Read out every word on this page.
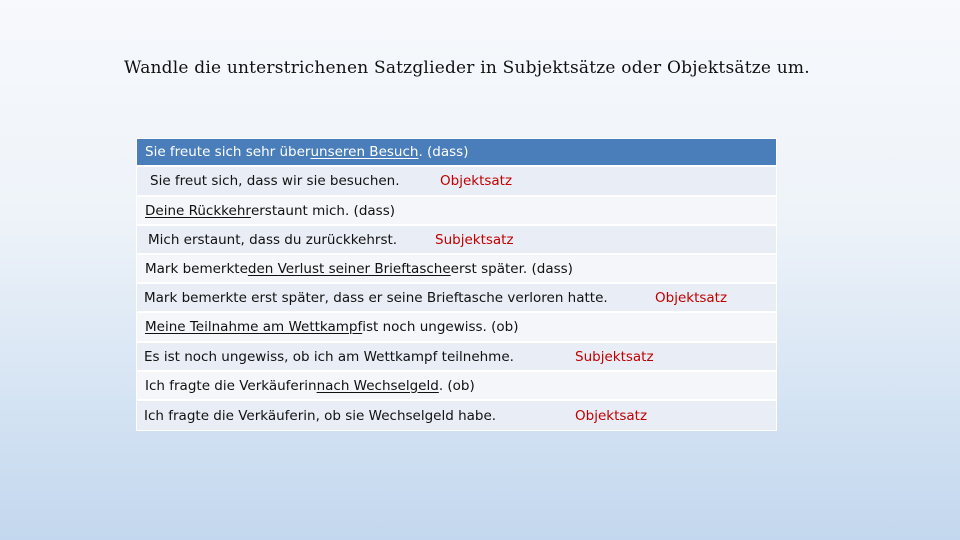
Wandle die unterstrichenen Satzglieder in Subjektsätze oder Objektsätze um.
Sie freute sich sehr über unseren Besuch . (dass)
Sie freut sich, dass wir sie besuchen.	Objektsatz
Deine Rückkehr erstaunt mich. (dass)
Mich erstaunt, dass du zurückkehrst.	Subjektsatz
Mark bemerkte den Verlust seiner Brieftasche erst später. (dass)
Mark bemerkte erst später, dass er seine Brieftasche verloren hatte.	Objektsatz
Meine Teilnahme am Wettkampf ist noch ungewiss. (ob)
Es ist noch ungewiss, ob ich am Wettkampf teilnehme.	Subjektsatz
Ich fragte die Verkäuferin nach Wechselgeld . (ob)
Ich fragte die Verkäuferin, ob sie Wechselgeld habe.	Objektsatz
